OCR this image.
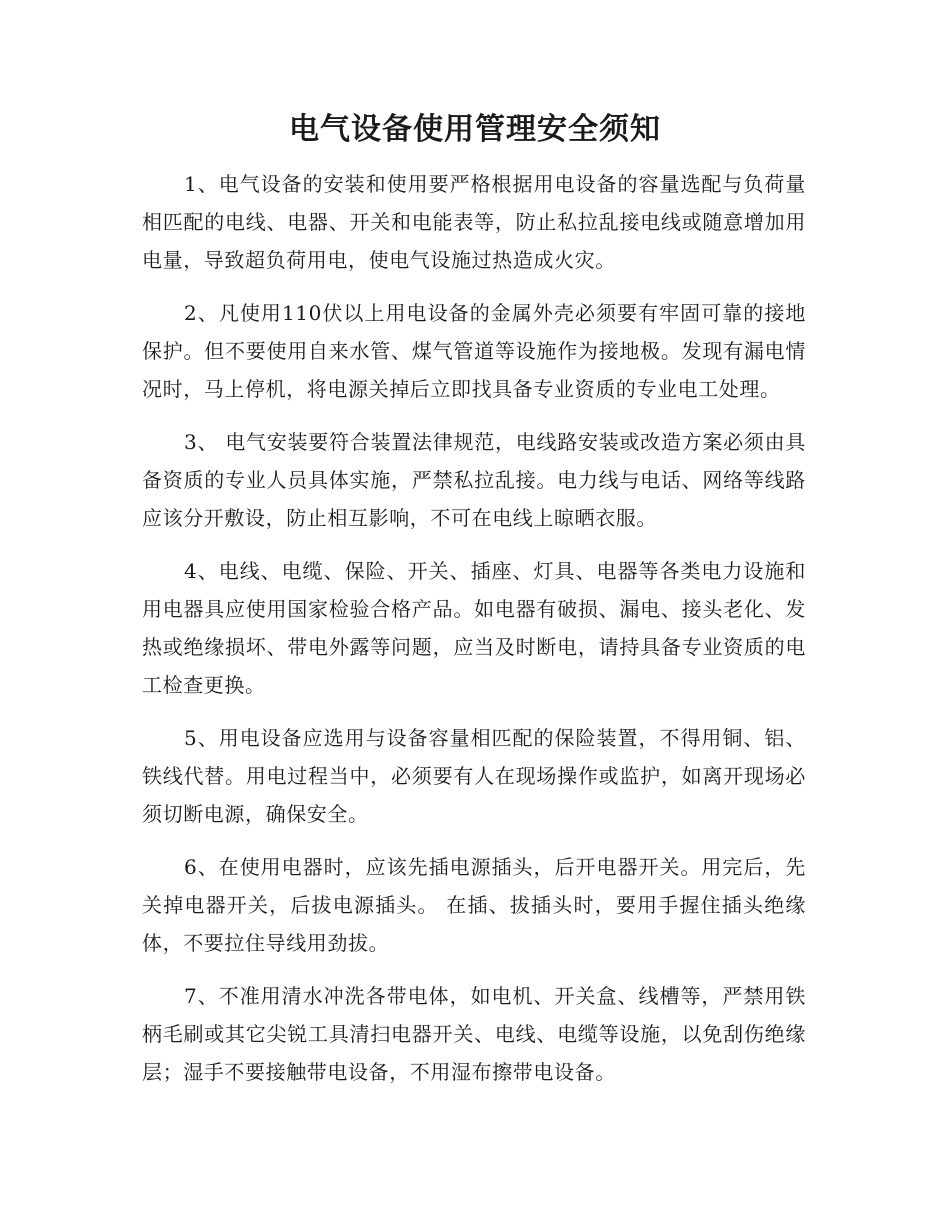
电气设备使用管理安全须知

1、电气设备的安装和使用要严格根据用电设备的容量选配与负荷量相匹配的电线、电器、开关和电能表等，防止私拉乱接电线或随意增加用电量，导致超负荷用电，使电气设施过热造成火灾。

2、凡使用110伏以上用电设备的金属外壳必须要有牢固可靠的接地保护。但不要使用自来水管、煤气管道等设施作为接地极。发现有漏电情况时，马上停机，将电源关掉后立即找具备专业资质的专业电工处理。

3、 电气安装要符合装置法律规范，电线路安装或改造方案必须由具备资质的专业人员具体实施，严禁私拉乱接。电力线与电话、网络等线路应该分开敷设，防止相互影响，不可在电线上晾晒衣服。

4、电线、电缆、保险、开关、插座、灯具、电器等各类电力设施和用电器具应使用国家检验合格产品。如电器有破损、漏电、接头老化、发热或绝缘损坏、带电外露等问题，应当及时断电，请持具备专业资质的电工检查更换。

5、用电设备应选用与设备容量相匹配的保险装置，不得用铜、铝、铁线代替。用电过程当中，必须要有人在现场操作或监护，如离开现场必须切断电源，确保安全。

6、在使用电器时，应该先插电源插头，后开电器开关。用完后，先关掉电器开关，后拔电源插头。 在插、拔插头时，要用手握住插头绝缘体，不要拉住导线用劲拔。

7、不准用清水冲洗各带电体，如电机、开关盒、线槽等，严禁用铁柄毛刷或其它尖锐工具清扫电器开关、电线、电缆等设施，以免刮伤绝缘层；湿手不要接触带电设备，不用湿布擦带电设备。
